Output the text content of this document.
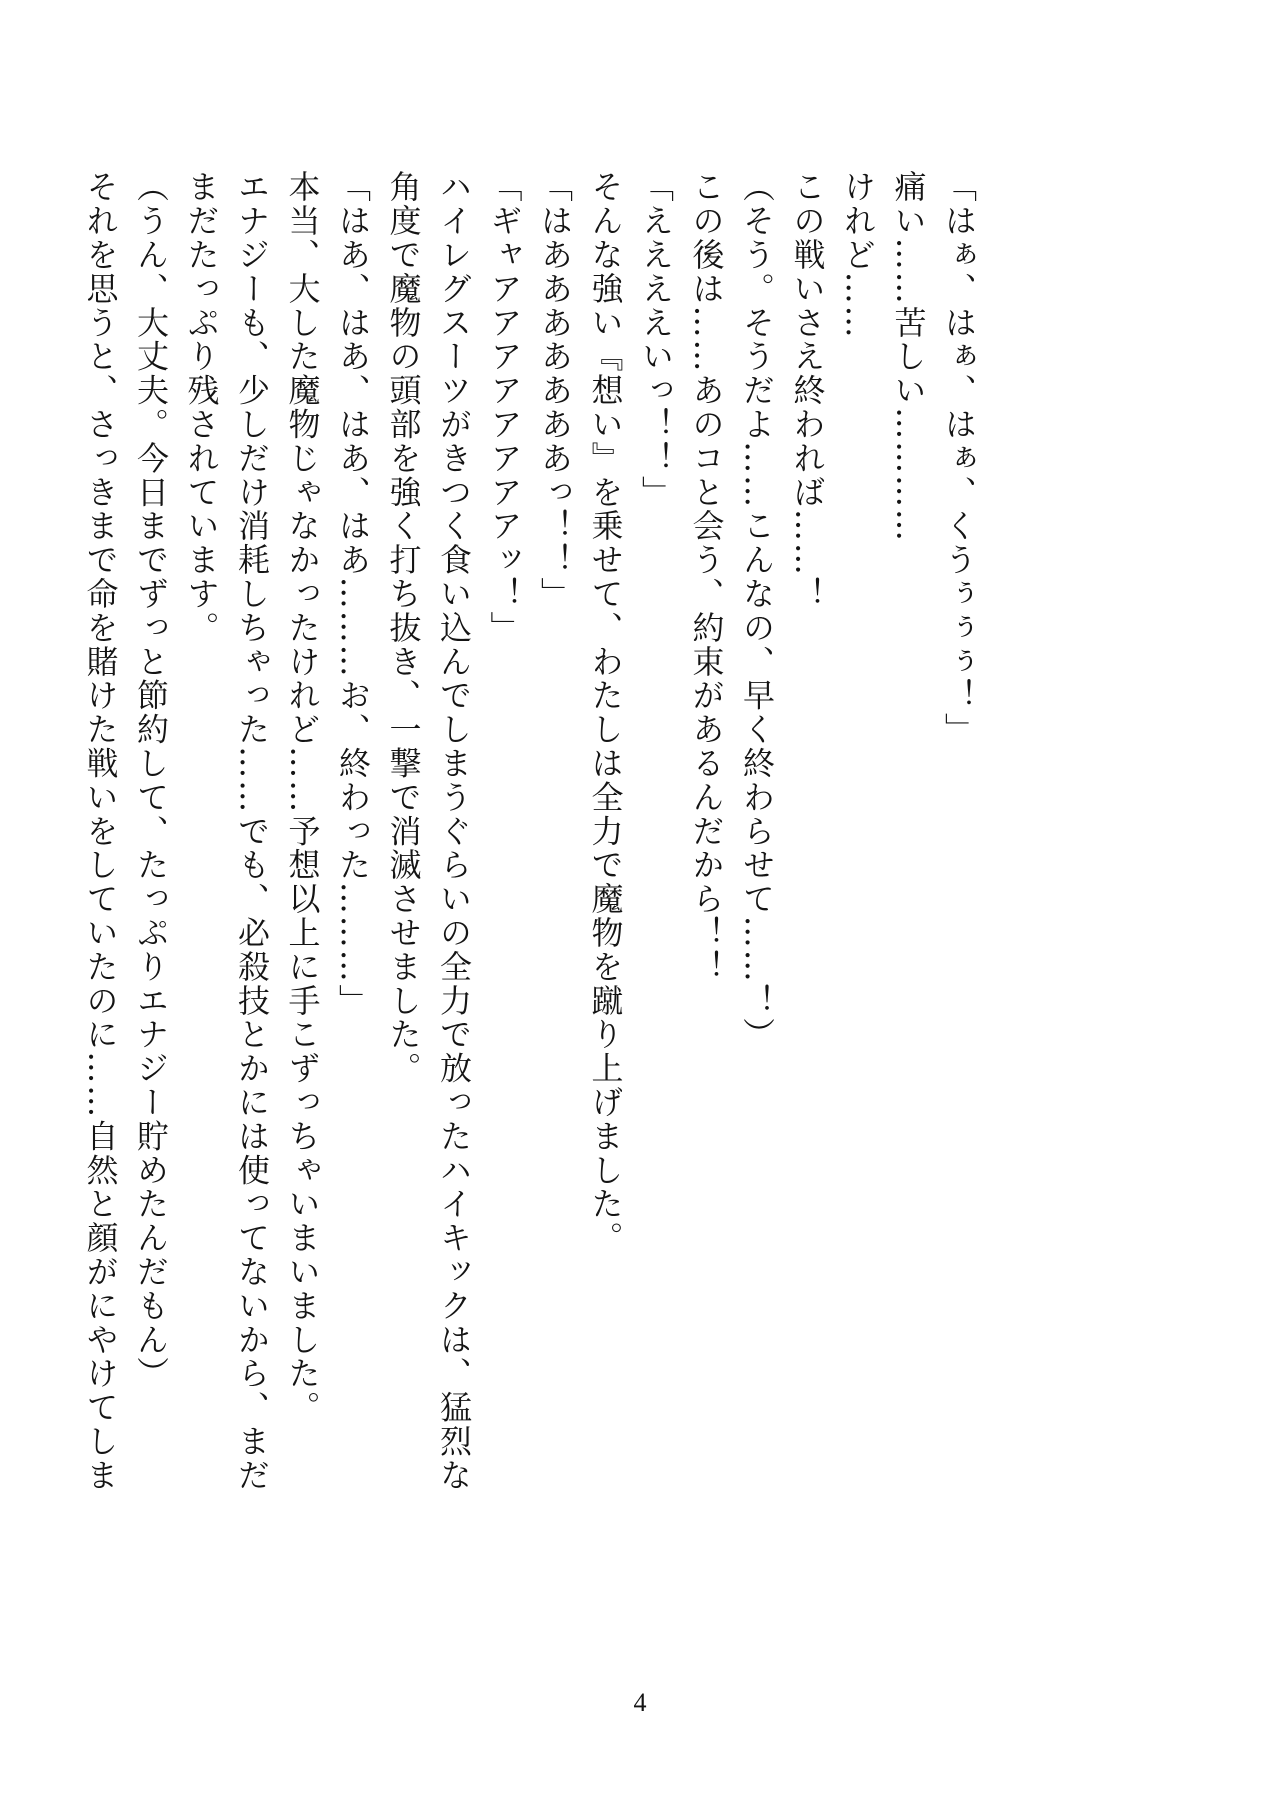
「はぁ、はぁ、はぁ、くうぅぅぅ！」
痛い……苦しい…………
けれど……
この戦いさえ終われば……！
（そう。そうだよ……こんなの、早く終わらせて……！）
この後は……あのコと会う、約束があるんだから！！
「ええええいっ！！」
そんな強い『想い』を乗せて、わたしは全力で魔物を蹴り上げました。
「はあああああああっ！！」
「ギャアアアアアアアアッ！」
ハイレグスーツがきつく食い込んでしまうぐらいの全力で放ったハイキックは、猛烈な
角度で魔物の頭部を強く打ち抜き、一撃で消滅させました。
「はあ、はあ、はあ、はあ………お、終わった………」
本当、大した魔物じゃなかったけれど……予想以上に手こずっちゃいまいました。
エナジーも、少しだけ消耗しちゃった……でも、必殺技とかには使ってないから、まだ
まだたっぷり残されています。
（うん、大丈夫。今日までずっと節約して、たっぷりエナジー貯めたんだもん）
それを思うと、さっきまで命を賭けた戦いをしていたのに……自然と顔がにやけてしま
4
